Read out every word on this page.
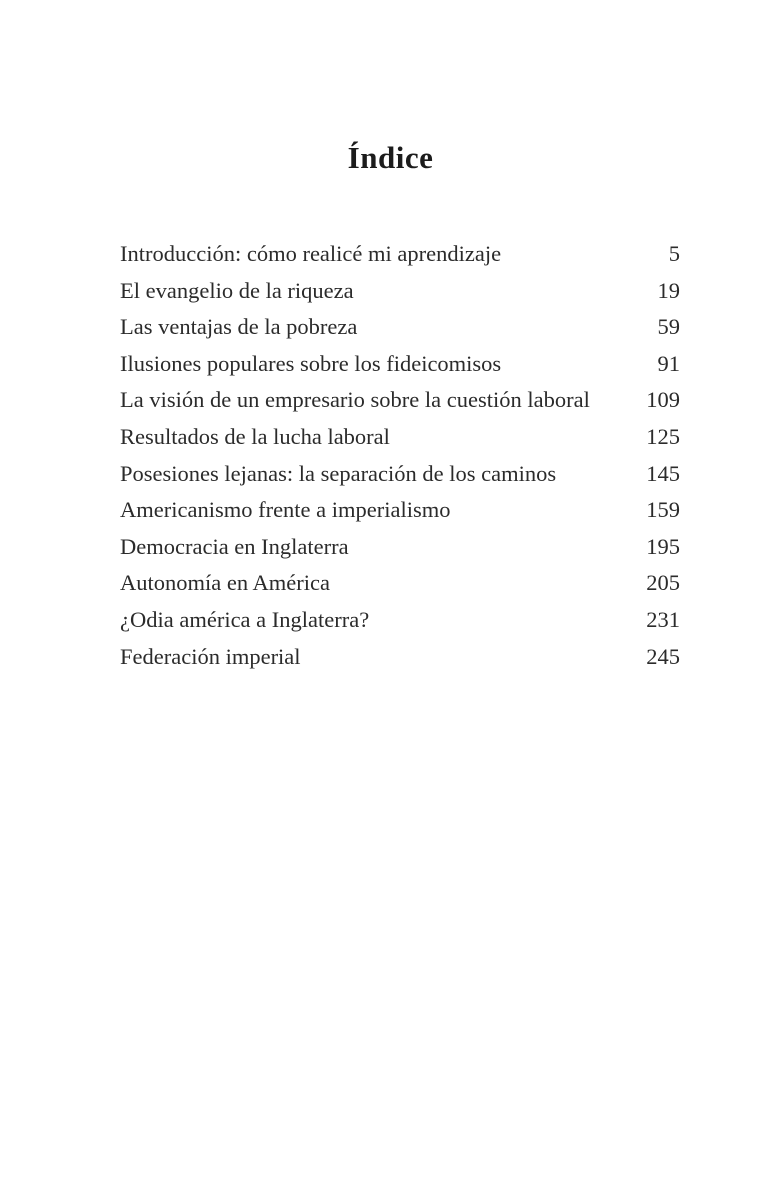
Índice
Introducción: cómo realicé mi aprendizaje	5
El evangelio de la riqueza	19
Las ventajas de la pobreza	59
Ilusiones populares sobre los fideicomisos	91
La visión de un empresario sobre la cuestión laboral	109
Resultados de la lucha laboral	125
Posesiones lejanas: la separación de los caminos	145
Americanismo frente a imperialismo	159
Democracia en Inglaterra	195
Autonomía en América	205
¿Odia américa a Inglaterra?	231
Federación imperial	245
